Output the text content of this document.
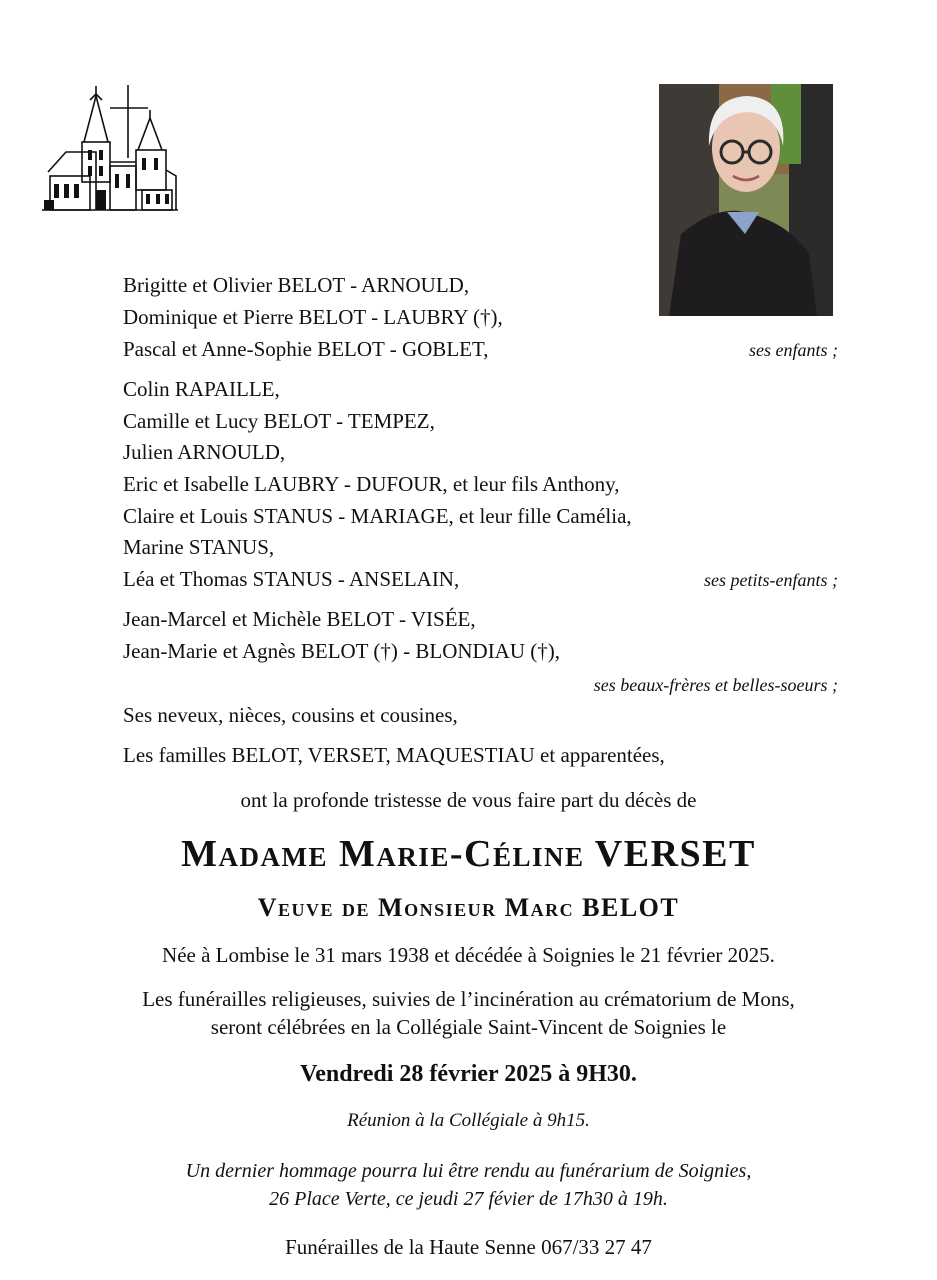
Brigitte et Olivier BELOT - ARNOULD,
Dominique et Pierre BELOT - LAUBRY (†),
Pascal et Anne-Sophie BELOT - GOBLET,	ses enfants ;
Colin RAPAILLE,
Camille et Lucy BELOT - TEMPEZ,
Julien ARNOULD,
Eric et Isabelle LAUBRY - DUFOUR, et leur fils Anthony,
Claire et Louis STANUS - MARIAGE, et leur fille Camélia,
Marine STANUS,
Léa et Thomas STANUS - ANSELAIN,	ses petits-enfants ;
Jean-Marcel et Michèle BELOT - VISÉE,
Jean-Marie et Agnès BELOT (†) - BLONDIAU (†),
ses beaux-frères et belles-soeurs ;
Ses neveux, nièces, cousins et cousines,
Les familles BELOT, VERSET, MAQUESTIAU et apparentées,
ont la profonde tristesse de vous faire part du décès de
Madame Marie-Céline VERSET
Veuve de Monsieur Marc BELOT
Née à Lombise le 31 mars 1938 et décédée à Soignies le 21 février 2025.
Les funérailles religieuses, suivies de l’incinération au crématorium de Mons,
seront célébrées en la Collégiale Saint-Vincent de Soignies le
Vendredi 28 février 2025 à 9H30.
Réunion à la Collégiale à 9h15.
Un dernier hommage pourra lui être rendu au funérarium de Soignies,
26 Place Verte, ce jeudi 27 févier de 17h30 à 19h.
Funérailles de la Haute Senne 067/33 27 47
